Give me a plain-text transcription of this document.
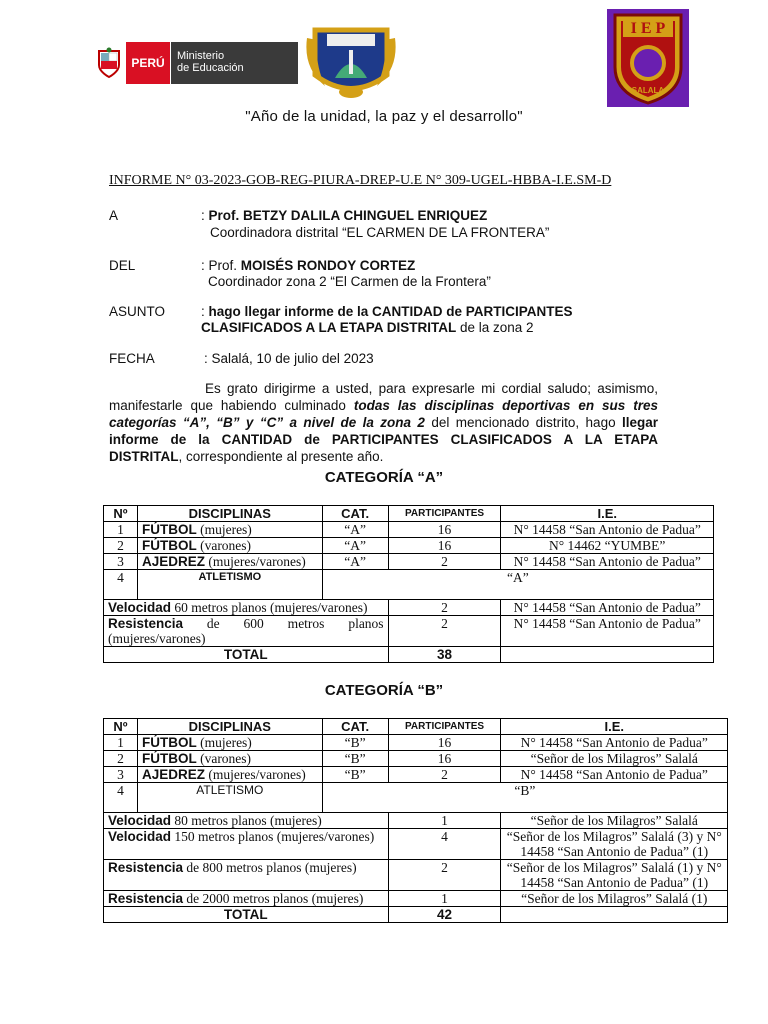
PERÚ	Ministerio
de Educación
I E P
SALALA
"Año de la unidad, la paz y el desarrollo"
INFORME N° 03-2023-GOB-REG-PIURA-DREP-U.E N° 309-UGEL-HBBA-I.E.SM-D
A	: Prof. BETZY DALILA CHINGUEL ENRIQUEZ
Coordinadora distrital “EL CARMEN DE LA FRONTERA”
DEL	: Prof. MOISÉS RONDOY CORTEZ
Coordinador zona 2 “El Carmen de la Frontera”
ASUNTO	: hago llegar informe de la CANTIDAD de PARTICIPANTES
CLASIFICADOS A LA ETAPA DISTRITAL de la zona 2
FECHA	: Salalá, 10 de julio del 2023
Es grato dirigirme a usted, para expresarle mi cordial saludo; asimismo, manifestarle que habiendo culminado todas las disciplinas deportivas en sus tres categorías “A”, “B” y “C” a nivel de la zona 2 del mencionado distrito, hago llegar informe de la CANTIDAD de PARTICIPANTES CLASIFICADOS A LA ETAPA DISTRITAL, correspondiente al presente año.
CATEGORÍA “A”
Nº	DISCIPLINAS	CAT.	PARTICIPANTES	I.E.
1	FÚTBOL (mujeres)	“A”	16	N° 14458 “San Antonio de Padua”
2	FÚTBOL (varones)	“A”	16	N° 14462 “YUMBE”
3	AJEDREZ (mujeres/varones)	“A”	2	N° 14458 “San Antonio de Padua”
4	ATLETISMO	“A”		
Velocidad 60 metros planos (mujeres/varones)			2	N° 14458 “San Antonio de Padua”
Resistencia de 600 metros planos (mujeres/varones)			2	N° 14458 “San Antonio de Padua”
TOTAL			38	
CATEGORÍA “B”
Nº	DISCIPLINAS	CAT.	PARTICIPANTES	I.E.
1	FÚTBOL (mujeres)	“B”	16	N° 14458 “San Antonio de Padua”
2	FÚTBOL (varones)	“B”	16	“Señor de los Milagros” Salalá
3	AJEDREZ (mujeres/varones)	“B”	2	N° 14458 “San Antonio de Padua”
4	ATLETISMO	“B”		
Velocidad 80 metros planos (mujeres)			1	“Señor de los Milagros” Salalá
Velocidad 150 metros planos (mujeres/varones)			4	“Señor de los Milagros” Salalá (3) y N° 14458 “San Antonio de Padua” (1)
Resistencia de 800 metros planos (mujeres)			2	“Señor de los Milagros” Salalá (1) y N° 14458 “San Antonio de Padua” (1)
Resistencia de 2000 metros planos (mujeres)			1	“Señor de los Milagros” Salalá (1)
TOTAL			42	
